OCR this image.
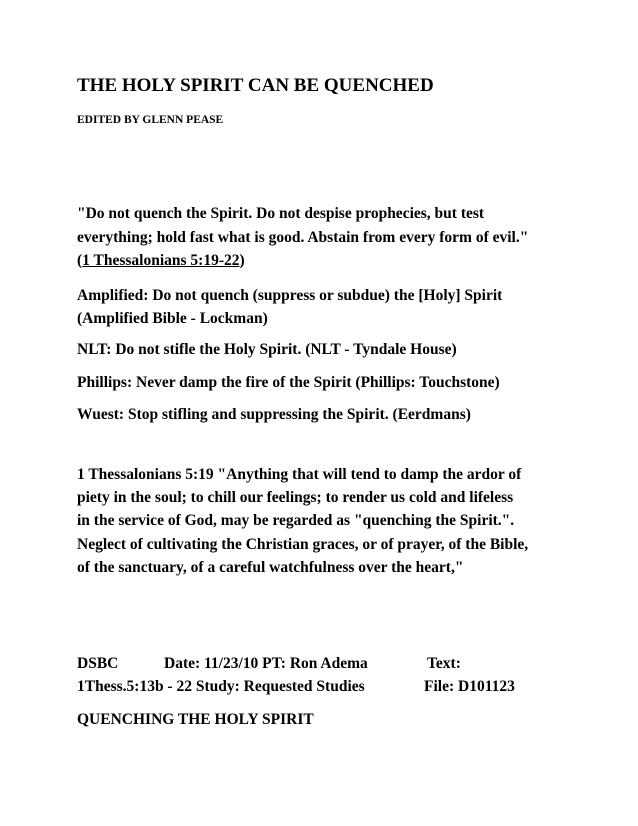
THE HOLY SPIRIT CAN BE QUENCHED
EDITED BY GLENN PEASE
"Do not quench the Spirit. Do not despise prophecies, but test
everything; hold fast what is good. Abstain from every form of evil."
(1 Thessalonians 5:19-22)
Amplified: Do not quench (suppress or subdue) the [Holy] Spirit
(Amplified Bible - Lockman)
NLT: Do not stifle the Holy Spirit. (NLT - Tyndale House)
Phillips: Never damp the fire of the Spirit (Phillips: Touchstone)
Wuest: Stop stifling and suppressing the Spirit. (Eerdmans)
1 Thessalonians 5:19 "Anything that will tend to damp the ardor of
piety in the soul; to chill our feelings; to render us cold and lifeless
in the service of God, may be regarded as "quenching the Spirit.".
Neglect of cultivating the Christian graces, or of prayer, of the Bible,
of the sanctuary, of a careful watchfulness over the heart,"
DSBC	Date: 11/23/10 PT: Ron Adema	Text:
1Thess.5:13b - 22 Study: Requested Studies	File: D101123
QUENCHING THE HOLY SPIRIT
